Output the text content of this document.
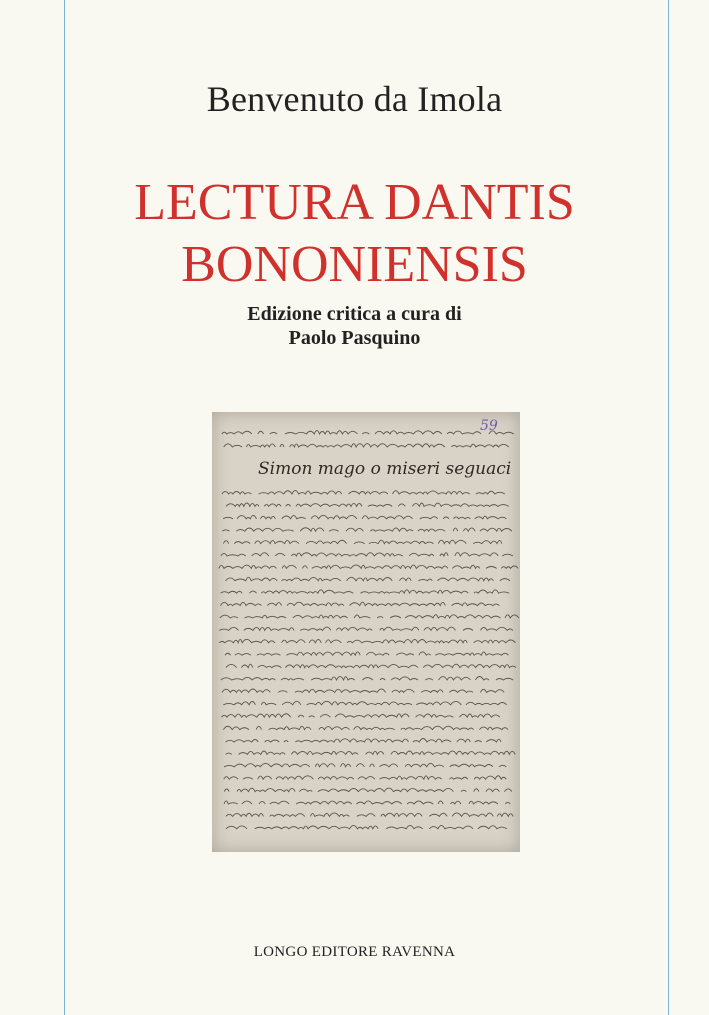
Benvenuto da Imola
LECTURA DANTIS
BONONIENSIS
Edizione critica a cura di
Paolo Pasquino
59
Simon mago o miseri seguaci
LONGO EDITORE RAVENNA
